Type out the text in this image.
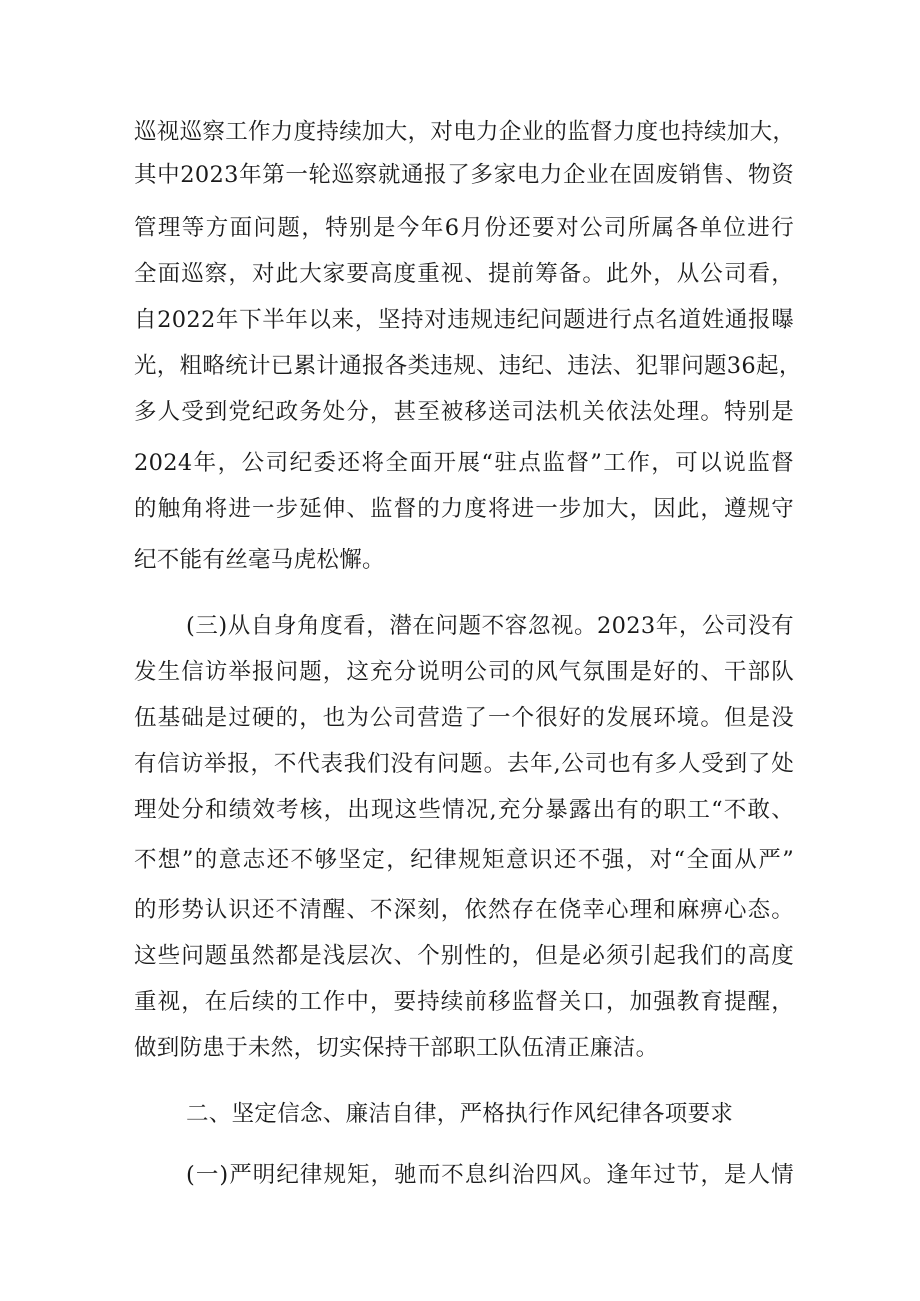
巡视巡察工作力度持续加大，对电力企业的监督力度也持续加大，
其中2023年第一轮巡察就通报了多家电力企业在固废销售、物资
管理等方面问题，特别是今年6月份还要对公司所属各单位进行
全面巡察，对此大家要高度重视、提前筹备。此外，从公司看，
自2022年下半年以来，坚持对违规违纪问题进行点名道姓通报曝
光，粗略统计已累计通报各类违规、违纪、违法、犯罪问题36起，
多人受到党纪政务处分，甚至被移送司法机关依法处理。特别是
2024年，公司纪委还将全面开展“驻点监督”工作，可以说监督
的触角将进一步延伸、监督的力度将进一步加大，因此，遵规守
纪不能有丝毫马虎松懈。
(三)从自身角度看，潜在问题不容忽视。2023年，公司没有
发生信访举报问题，这充分说明公司的风气氛围是好的、干部队
伍基础是过硬的，也为公司营造了一个很好的发展环境。但是没
有信访举报，不代表我们没有问题。去年,公司也有多人受到了处
理处分和绩效考核，出现这些情况,充分暴露出有的职工“不敢、
不想”的意志还不够坚定，纪律规矩意识还不强，对“全面从严”
的形势认识还不清醒、不深刻，依然存在侥幸心理和麻痹心态。
这些问题虽然都是浅层次、个别性的，但是必须引起我们的高度
重视，在后续的工作中，要持续前移监督关口，加强教育提醒，
做到防患于未然，切实保持干部职工队伍清正廉洁。
二、坚定信念、廉洁自律，严格执行作风纪律各项要求
(一)严明纪律规矩，驰而不息纠治四风。逢年过节，是人情
